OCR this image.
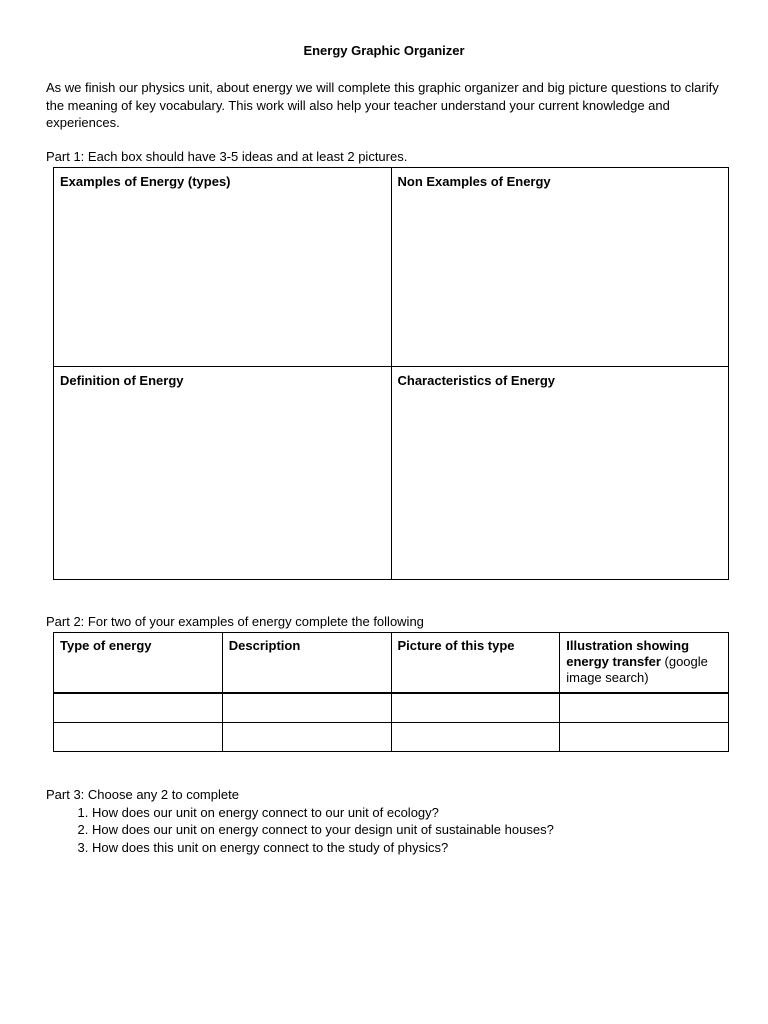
Energy Graphic Organizer
As we finish our physics unit, about energy we will complete this graphic organizer and big picture questions to clarify the meaning of key vocabulary. This work will also help your teacher understand your current knowledge and experiences.
Part 1: Each box should have 3-5 ideas and at least 2 pictures.
Examples of Energy (types)	Non Examples of Energy
Definition of Energy	Characteristics of Energy
Part 2: For two of your examples of energy complete the following
Type of energy	Description	Picture of this type	Illustration showing energy transfer (google image search)

Part 3: Choose any 2 to complete
1. How does our unit on energy connect to our unit of ecology?
2. How does our unit on energy connect to your design unit of sustainable houses?
3. How does this unit on energy connect to the study of physics?
